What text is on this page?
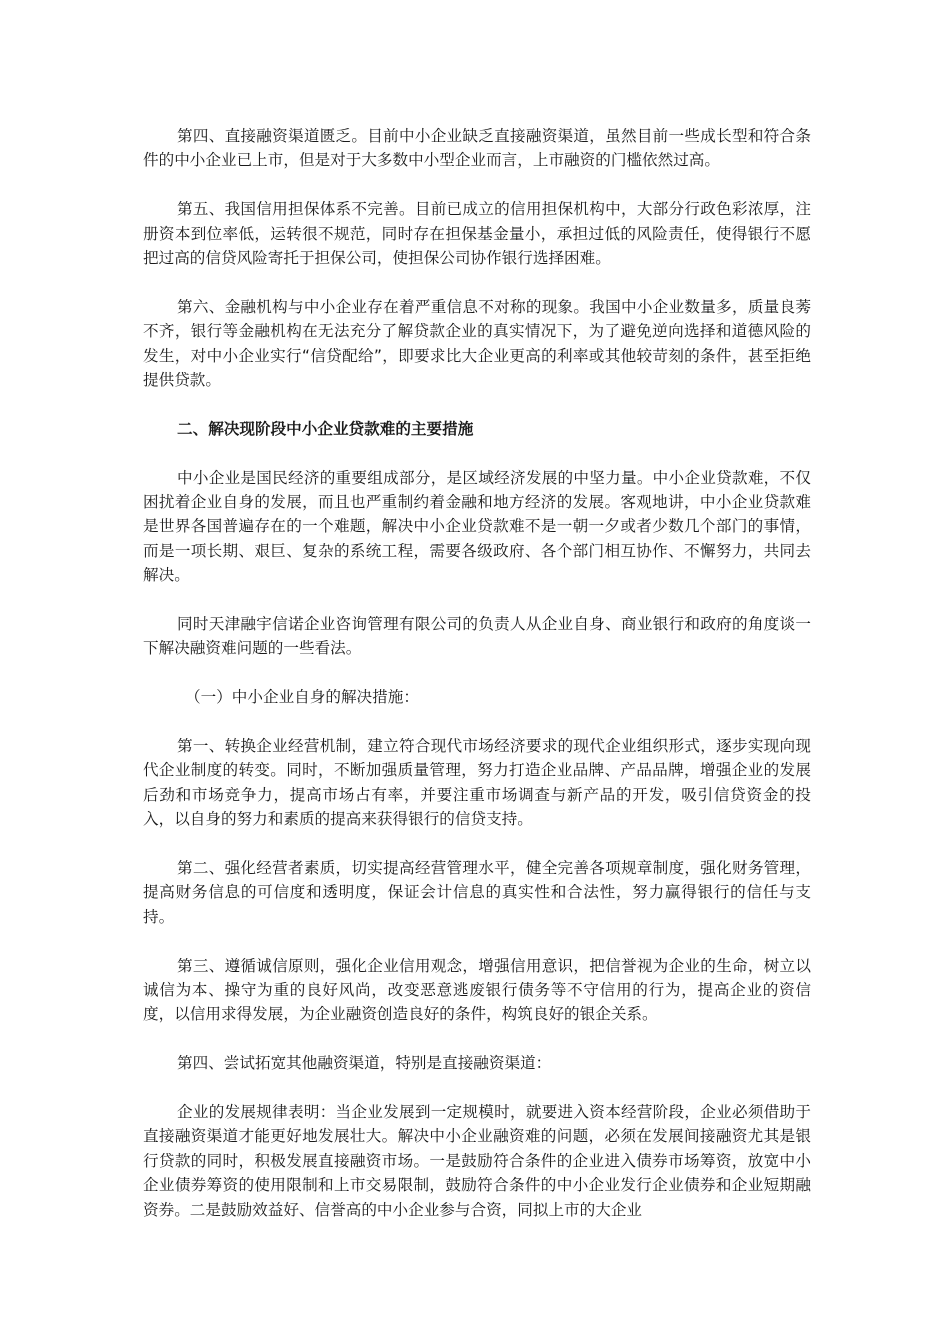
第四、直接融资渠道匮乏。目前中小企业缺乏直接融资渠道，虽然目前一些成长型和符合条件的中小企业已上市，但是对于大多数中小型企业而言，上市融资的门槛依然过高。

第五、我国信用担保体系不完善。目前已成立的信用担保机构中，大部分行政色彩浓厚，注册资本到位率低，运转很不规范，同时存在担保基金量小，承担过低的风险责任，使得银行不愿把过高的信贷风险寄托于担保公司，使担保公司协作银行选择困难。

第六、金融机构与中小企业存在着严重信息不对称的现象。我国中小企业数量多，质量良莠不齐，银行等金融机构在无法充分了解贷款企业的真实情况下，为了避免逆向选择和道德风险的发生，对中小企业实行“信贷配给”，即要求比大企业更高的利率或其他较苛刻的条件，甚至拒绝提供贷款。

二、解决现阶段中小企业贷款难的主要措施

中小企业是国民经济的重要组成部分，是区域经济发展的中坚力量。中小企业贷款难，不仅困扰着企业自身的发展，而且也严重制约着金融和地方经济的发展。客观地讲，中小企业贷款难是世界各国普遍存在的一个难题，解决中小企业贷款难不是一朝一夕或者少数几个部门的事情，而是一项长期、艰巨、复杂的系统工程，需要各级政府、各个部门相互协作、不懈努力，共同去解决。

同时天津融宇信诺企业咨询管理有限公司的负责人从企业自身、商业银行和政府的角度谈一下解决融资难问题的一些看法。

（一）中小企业自身的解决措施：

第一、转换企业经营机制，建立符合现代市场经济要求的现代企业组织形式，逐步实现向现代企业制度的转变。同时，不断加强质量管理，努力打造企业品牌、产品品牌，增强企业的发展后劲和市场竞争力，提高市场占有率，并要注重市场调查与新产品的开发，吸引信贷资金的投入，以自身的努力和素质的提高来获得银行的信贷支持。

第二、强化经营者素质，切实提高经营管理水平，健全完善各项规章制度，强化财务管理，提高财务信息的可信度和透明度，保证会计信息的真实性和合法性，努力赢得银行的信任与支持。

第三、遵循诚信原则，强化企业信用观念，增强信用意识，把信誉视为企业的生命，树立以诚信为本、操守为重的良好风尚，改变恶意逃废银行债务等不守信用的行为，提高企业的资信度，以信用求得发展，为企业融资创造良好的条件，构筑良好的银企关系。

第四、尝试拓宽其他融资渠道，特别是直接融资渠道：

企业的发展规律表明：当企业发展到一定规模时，就要进入资本经营阶段，企业必须借助于直接融资渠道才能更好地发展壮大。解决中小企业融资难的问题，必须在发展间接融资尤其是银行贷款的同时，积极发展直接融资市场。一是鼓励符合条件的企业进入债券市场筹资，放宽中小企业债券筹资的使用限制和上市交易限制，鼓励符合条件的中小企业发行企业债券和企业短期融资券。二是鼓励效益好、信誉高的中小企业参与合资，同拟上市的大企业
